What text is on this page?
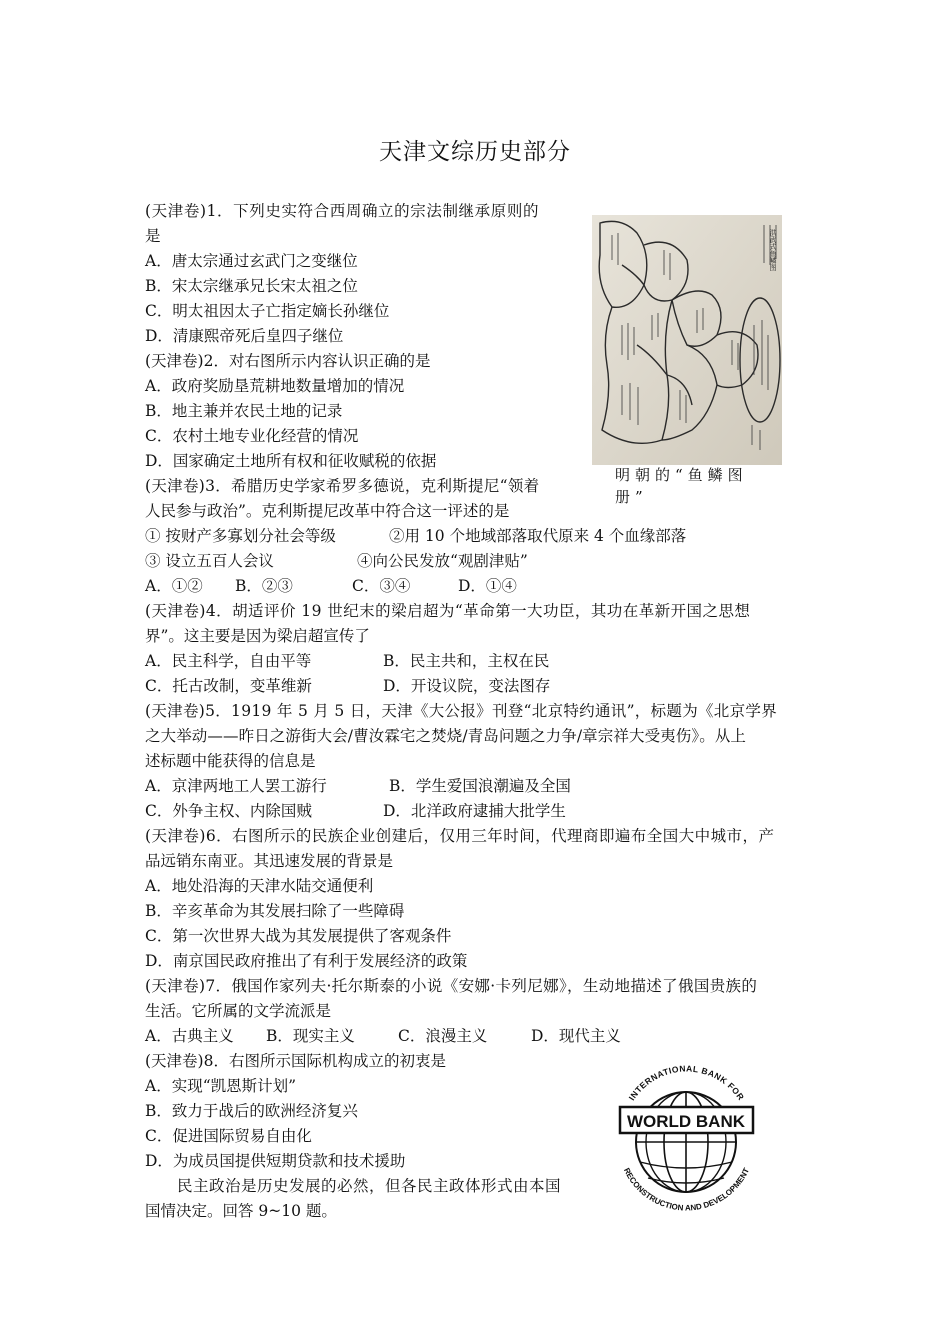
天津文综历史部分
(天津卷)1．下列史实符合西周确立的宗法制继承原则的
是
A．唐太宗通过玄武门之变继位
B．宋太宗继承兄长宋太祖之位
C．明太祖因太子亡指定嫡长孙继位
D．清康熙帝死后皇四子继位
(天津卷)2．对右图所示内容认识正确的是
A．政府奖励垦荒耕地数量增加的情况
B．地主兼并农民土地的记录
C．农村土地专业化经营的情况
D．国家确定土地所有权和征收赋税的依据
洪武式鱼鳞图
明朝的“鱼鳞图册”
(天津卷)3．希腊历史学家希罗多德说，克利斯提尼“领着
人民参与政治”。克利斯提尼改革中符合这一评述的是
① 按财产多寡划分社会等级	②用 10 个地域部落取代原来 4 个血缘部落
③ 设立五百人会议	④向公民发放“观剧津贴”
A．①② B．②③	C．③④	D．①④
(天津卷)4．胡适评价 19 世纪末的梁启超为“革命第一大功臣，其功在革新开国之思想
界”。这主要是因为梁启超宣传了
A．民主科学，自由平等	B．民主共和，主权在民
C．托古改制，变革维新	D．开设议院，变法图存
(天津卷)5．1919 年 5 月 5 日，天津《大公报》刊登“北京特约通讯”，标题为《北京学界
之大举动——昨日之游街大会/曹汝霖宅之焚烧/青岛问题之力争/章宗祥大受夷伤》。从上
述标题中能获得的信息是
A．京津两地工人罢工游行	B．学生爱国浪潮遍及全国
C．外争主权、内除国贼	D．北洋政府逮捕大批学生
(天津卷)6．右图所示的民族企业创建后，仅用三年时间，代理商即遍布全国大中城市，产
品远销东南亚。其迅速发展的背景是
A．地处沿海的天津水陆交通便利
B．辛亥革命为其发展扫除了一些障碍
C．第一次世界大战为其发展提供了客观条件
D．南京国民政府推出了有利于发展经济的政策
(天津卷)7．俄国作家列夫·托尔斯泰的小说《安娜·卡列尼娜》，生动地描述了俄国贵族的
生活。它所属的文学流派是
A．古典主义 B．现实主义	C．浪漫主义	D．现代主义
(天津卷)8．右图所示国际机构成立的初衷是
A．实现“凯恩斯计划”
B．致力于战后的欧洲经济复兴
C．促进国际贸易自由化
D．为成员国提供短期贷款和技术援助
民主政治是历史发展的必然，但各民主政体形式由本国
国情决定。回答 9~10 题。
WORLD BANK
INTERNATIONAL BANK FOR
RECONSTRUCTION AND DEVELOPMENT
